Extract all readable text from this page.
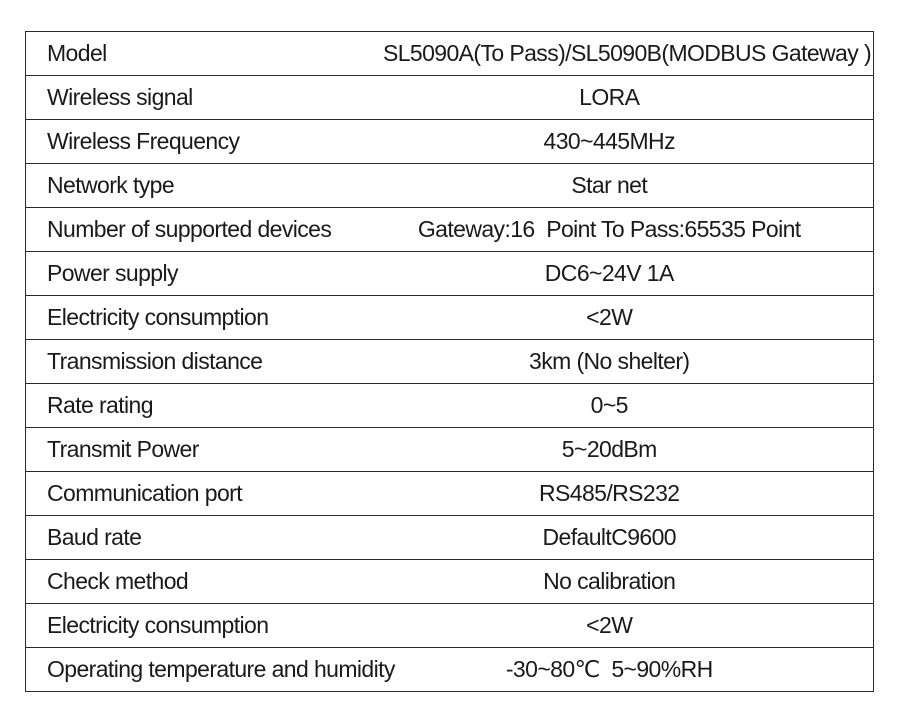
Model	SL5090A(To Pass)/SL5090B(MODBUS Gateway )
Wireless signal	LORA
Wireless Frequency	430~445MHz
Network type	Star net
Number of supported devices	Gateway:16  Point To Pass:65535 Point
Power supply	DC6~24V 1A
Electricity consumption	<2W
Transmission distance	3km (No shelter)
Rate rating	0~5
Transmit Power	5~20dBm
Communication port	RS485/RS232
Baud rate	DefaultC9600
Check method	No calibration
Electricity consumption	<2W
Operating temperature and humidity	-30~80℃  5~90%RH
